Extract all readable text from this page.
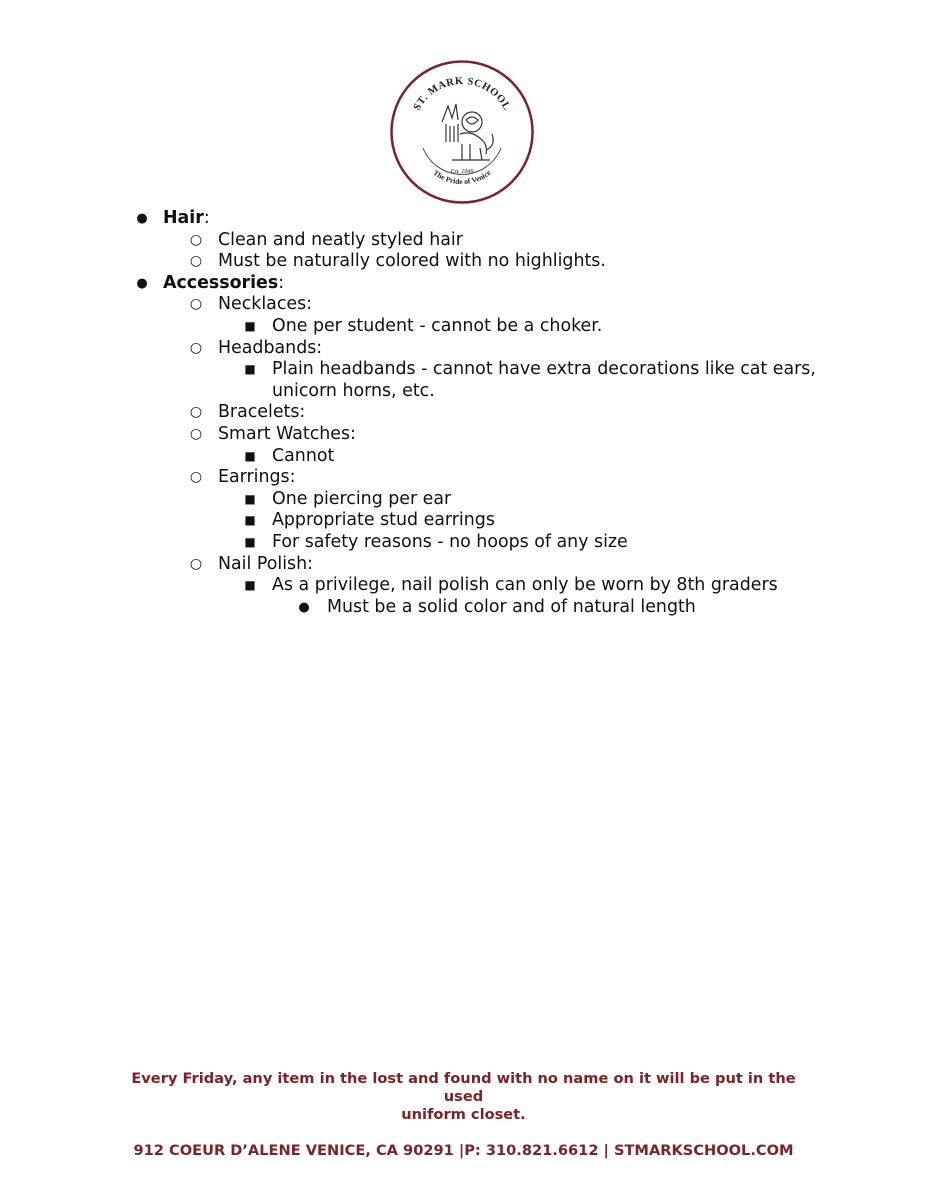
ST. MARK SCHOOL
Est. 1949
The Pride of Venice
● Hair:
○ Clean and neatly styled hair
○ Must be naturally colored with no highlights.
● Accessories:
○ Necklaces:
■ One per student - cannot be a choker.
○ Headbands:
■ Plain headbands - cannot have extra decorations like cat ears,
unicorn horns, etc.
○ Bracelets:
○ Smart Watches:
■ Cannot
○ Earrings:
■ One piercing per ear
■ Appropriate stud earrings
■ For safety reasons - no hoops of any size
○ Nail Polish:
■ As a privilege, nail polish can only be worn by 8th graders
● Must be a solid color and of natural length
Every Friday, any item in the lost and found with no name on it will be put in the used
uniform closet.
912 COEUR D’ALENE VENICE, CA 90291 |P: 310.821.6612 | STMARKSCHOOL.COM
